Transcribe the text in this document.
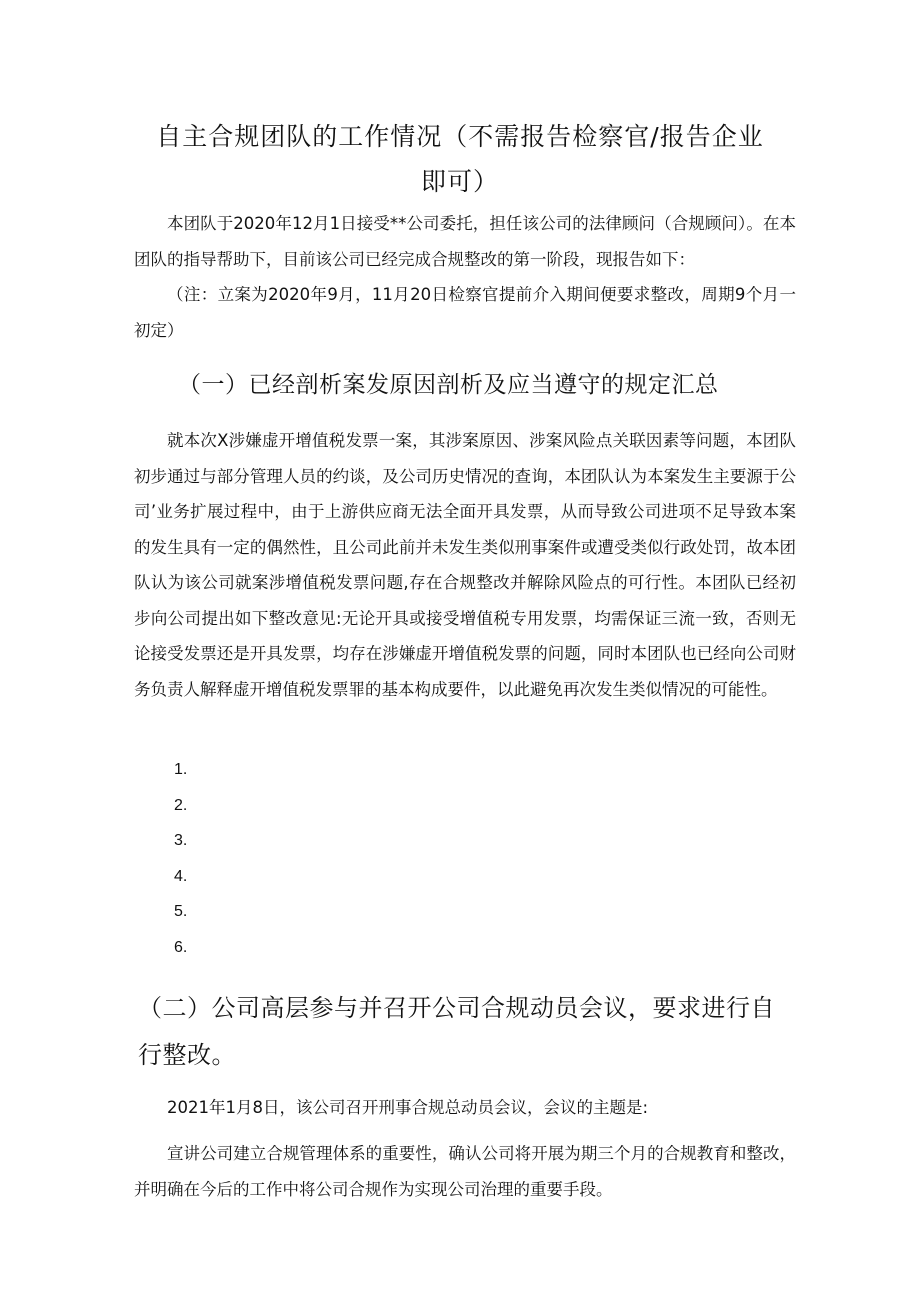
自主合规团队的工作情况（不需报告检察官/报告企业
即可）

本团队于2020年12月1日接受**公司委托，担任该公司的法律顾问（合规顾问）。在本团队的指导帮助下，目前该公司已经完成合规整改的第一阶段，现报告如下：

（注：立案为2020年9月，11月20日检察官提前介入期间便要求整改，周期9个月一初定）

（一）已经剖析案发原因剖析及应当遵守的规定汇总

就本次X涉嫌虚开增值税发票一案，其涉案原因、涉案风险点关联因素等问题，本团队初步通过与部分管理人员的约谈，及公司历史情况的查询，本团队认为本案发生主要源于公司’业务扩展过程中，由于上游供应商无法全面开具发票，从而导致公司进项不足导致本案的发生具有一定的偶然性，且公司此前并未发生类似刑事案件或遭受类似行政处罚，故本团队认为该公司就案涉增值税发票问题,存在合规整改并解除风险点的可行性。本团队已经初步向公司提出如下整改意见:无论开具或接受增值税专用发票，均需保证三流一致，否则无论接受发票还是开具发票，均存在涉嫌虚开增值税发票的问题，同时本团队也已经向公司财务负责人解释虚开增值税发票罪的基本构成要件，以此避免再次发生类似情况的可能性。

1.
2.
3.
4.
5.
6.
（二）公司高层参与并召开公司合规动员会议，要求进行自行整改。

2021年1月8日，该公司召开刑事合规总动员会议，会议的主题是:

宣讲公司建立合规管理体系的重要性，确认公司将开展为期三个月的合规教育和整改，并明确在今后的工作中将公司合规作为实现公司治理的重要手段。
